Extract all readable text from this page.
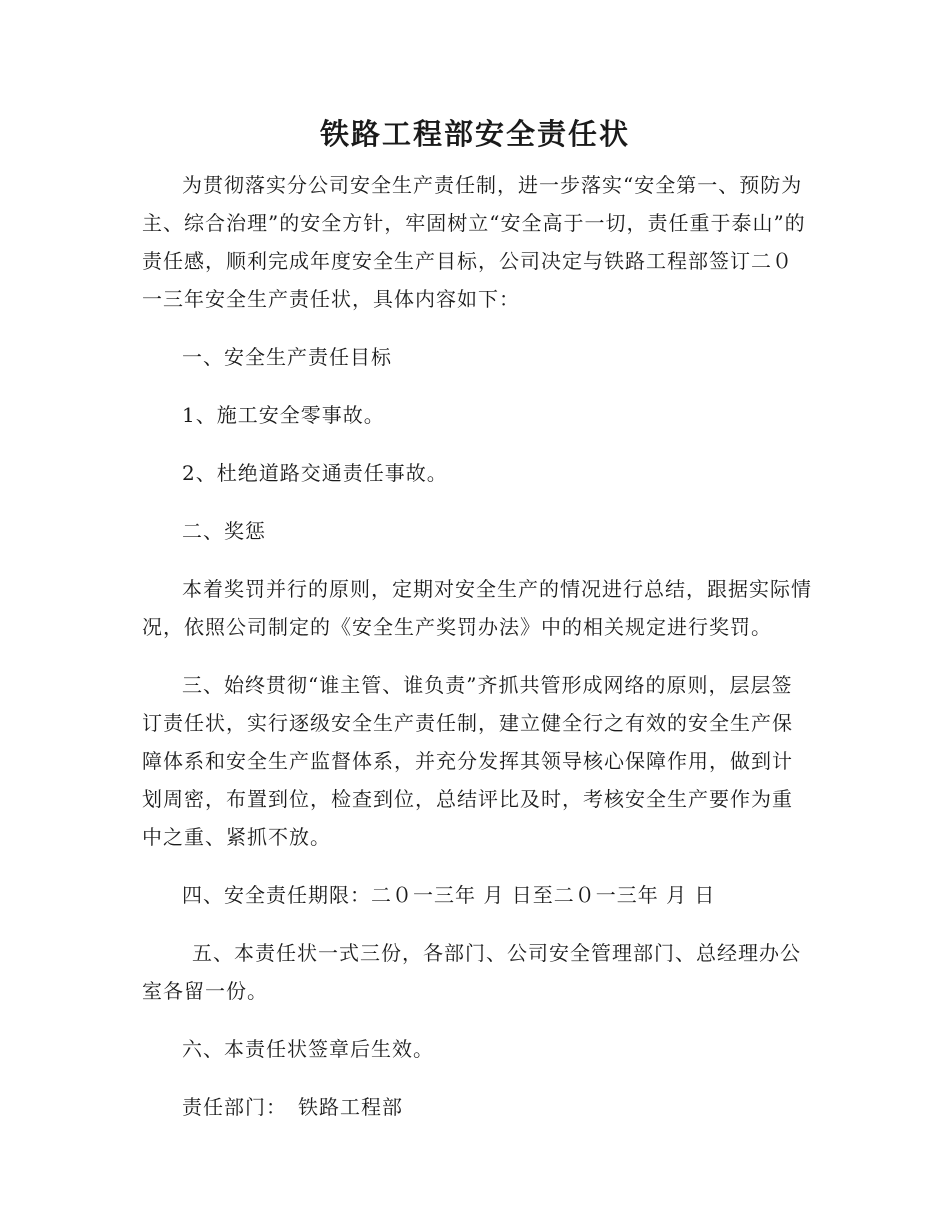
铁路工程部安全责任状

为贯彻落实分公司安全生产责任制，进一步落实“安全第一、预防为主、综合治理”的安全方针，牢固树立“安全高于一切，责任重于泰山”的责任感，顺利完成年度安全生产目标，公司决定与铁路工程部签订二０一三年安全生产责任状，具体内容如下：

一、安全生产责任目标

1、施工安全零事故。

2、杜绝道路交通责任事故。

二、奖惩

本着奖罚并行的原则，定期对安全生产的情况进行总结，跟据实际情况，依照公司制定的《安全生产奖罚办法》中的相关规定进行奖罚。

三、始终贯彻“谁主管、谁负责”齐抓共管形成网络的原则，层层签订责任状，实行逐级安全生产责任制，建立健全行之有效的安全生产保障体系和安全生产监督体系，并充分发挥其领导核心保障作用，做到计划周密，布置到位，检查到位，总结评比及时，考核安全生产要作为重中之重、紧抓不放。

四、安全责任期限：二０一三年 月 日至二０一三年 月 日

五、本责任状一式三份，各部门、公司安全管理部门、总经理办公室各留一份。

六、本责任状签章后生效。

责任部门：　铁路工程部
